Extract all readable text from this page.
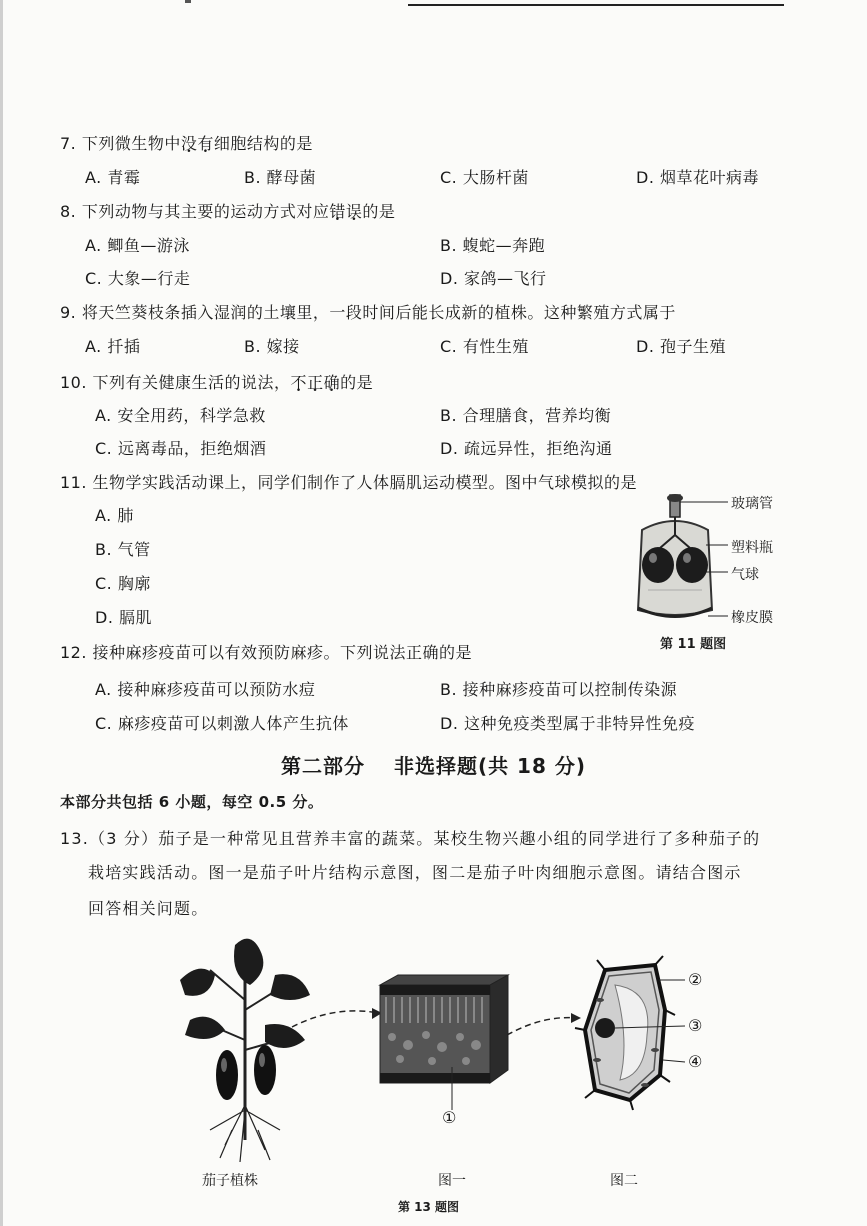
7. 下列微生物中没有细胞结构的是
A. 青霉	B. 酵母菌	C. 大肠杆菌	D. 烟草花叶病毒
8. 下列动物与其主要的运动方式对应错误的是
A. 鲫鱼—游泳	B. 蝮蛇—奔跑
C. 大象—行走	D. 家鸽—飞行
9. 将天竺葵枝条插入湿润的土壤里，一段时间后能长成新的植株。这种繁殖方式属于
A. 扦插	B. 嫁接	C. 有性生殖	D. 孢子生殖
10. 下列有关健康生活的说法，不正确的是
A. 安全用药，科学急救	B. 合理膳食，营养均衡
C. 远离毒品，拒绝烟酒	D. 疏远异性，拒绝沟通
11. 生物学实践活动课上，同学们制作了人体膈肌运动模型。图中气球模拟的是
A. 肺
B. 气管
C. 胸廓
D. 膈肌
玻璃管
塑料瓶
气球
橡皮膜
第 11 题图
12. 接种麻疹疫苗可以有效预防麻疹。下列说法正确的是
A. 接种麻疹疫苗可以预防水痘	B. 接种麻疹疫苗可以控制传染源
C. 麻疹疫苗可以刺激人体产生抗体	D. 这种免疫类型属于非特异性免疫
第二部分　 非选择题(共 18 分)
本部分共包括 6 小题，每空 0.5 分。
13.（3 分）茄子是一种常见且营养丰富的蔬菜。某校生物兴趣小组的同学进行了多种茄子的
栽培实践活动。图一是茄子叶片结构示意图，图二是茄子叶肉细胞示意图。请结合图示
回答相关问题。
①
②
③
④
茄子植株	图一	图二
第 13 题图
